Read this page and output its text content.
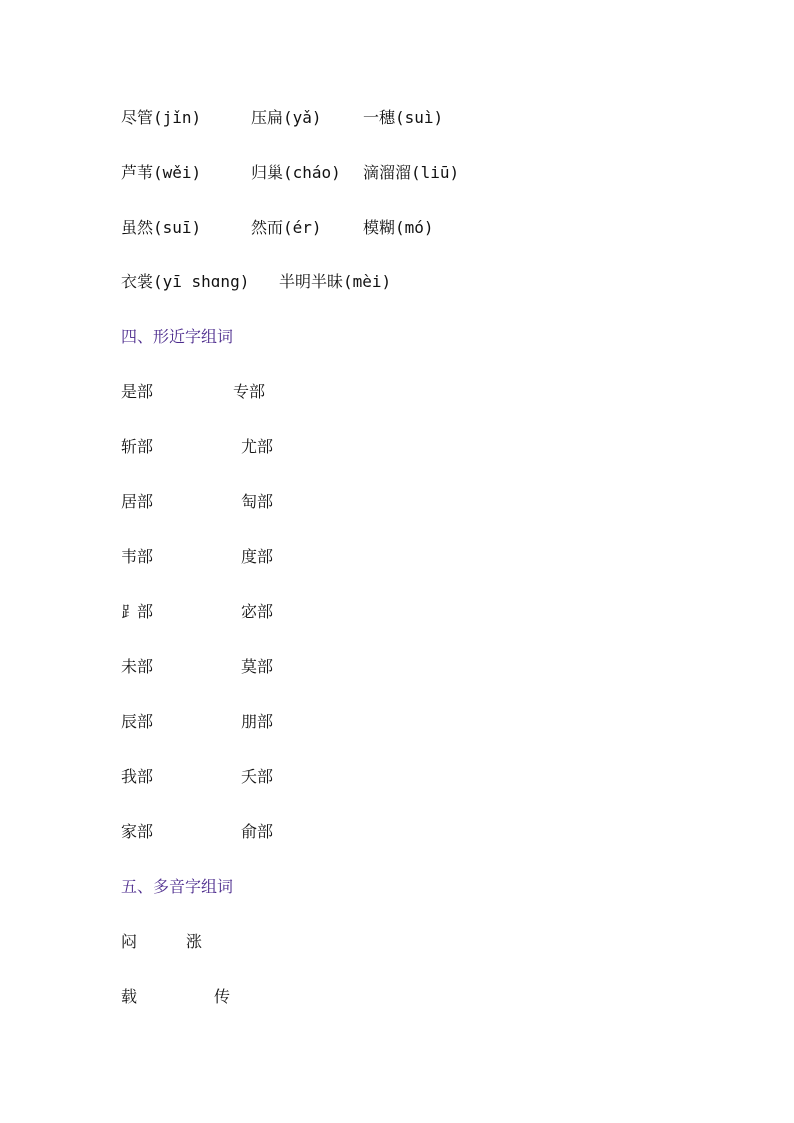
尽管(jǐn)	压扁(yǎ)	一穗(suì)
芦苇(wěi)	归巢(cháo) 滴溜溜(liū)
虽然(suī)	然而(ér)	模糊(mó)
衣裳(yī shɑng) 半明半昧(mèi)
四、形近字组词
是部	专部
斩部	尤部
居部	匋部
韦部	度部
⻊部	宓部
未部	莫部
辰部	朋部
我部	夭部
家部	俞部
五、多音字组词
闷	涨
载	传
